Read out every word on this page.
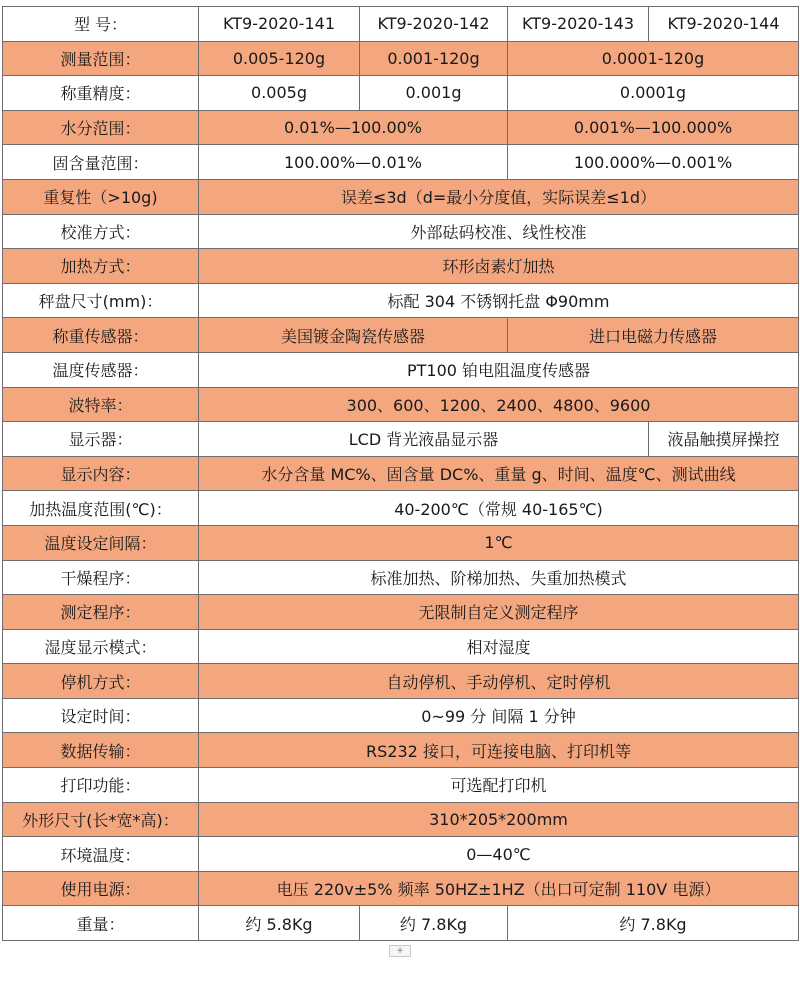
型 号：	KT9-2020-141	KT9-2020-142	KT9-2020-143	KT9-2020-144
测量范围：	0.005-120g	0.001-120g	0.0001-120g	
称重精度：	0.005g	0.001g	0.0001g	
水分范围：	0.01%—100.00%		0.001%—100.000%	
固含量范围：	100.00%—0.01%		100.000%—0.001%	
重复性（>10g)	误差≤3d（d=最小分度值，实际误差≤1d）			
校准方式：	外部砝码校准、线性校准			
加热方式：	环形卤素灯加热			
秤盘尺寸(mm)：	标配 304 不锈钢托盘 Φ90mm			
称重传感器：	美国镀金陶瓷传感器		进口电磁力传感器	
温度传感器：	PT100 铂电阻温度传感器			
波特率：	300、600、1200、2400、4800、9600			
显示器：	LCD 背光液晶显示器			液晶触摸屏操控
显示内容：	水分含量 MC%、固含量 DC%、重量 g、时间、温度℃、测试曲线			
加热温度范围(℃)：	40-200℃（常规 40-165℃)			
温度设定间隔：	1℃			
干燥程序：	标准加热、阶梯加热、失重加热模式			
测定程序：	无限制自定义测定程序			
湿度显示模式：	相对湿度			
停机方式：	自动停机、手动停机、定时停机			
设定时间：	0~99 分 间隔 1 分钟			
数据传输：	RS232 接口，可连接电脑、打印机等			
打印功能：	可选配打印机			
外形尺寸(长*宽*高)：	310*205*200mm			
环境温度：	0—40℃			
使用电源：	电压 220v±5% 频率 50HZ±1HZ（出口可定制 110V 电源）			
重量：	约 5.8Kg	约 7.8Kg	约 7.8Kg	
+
